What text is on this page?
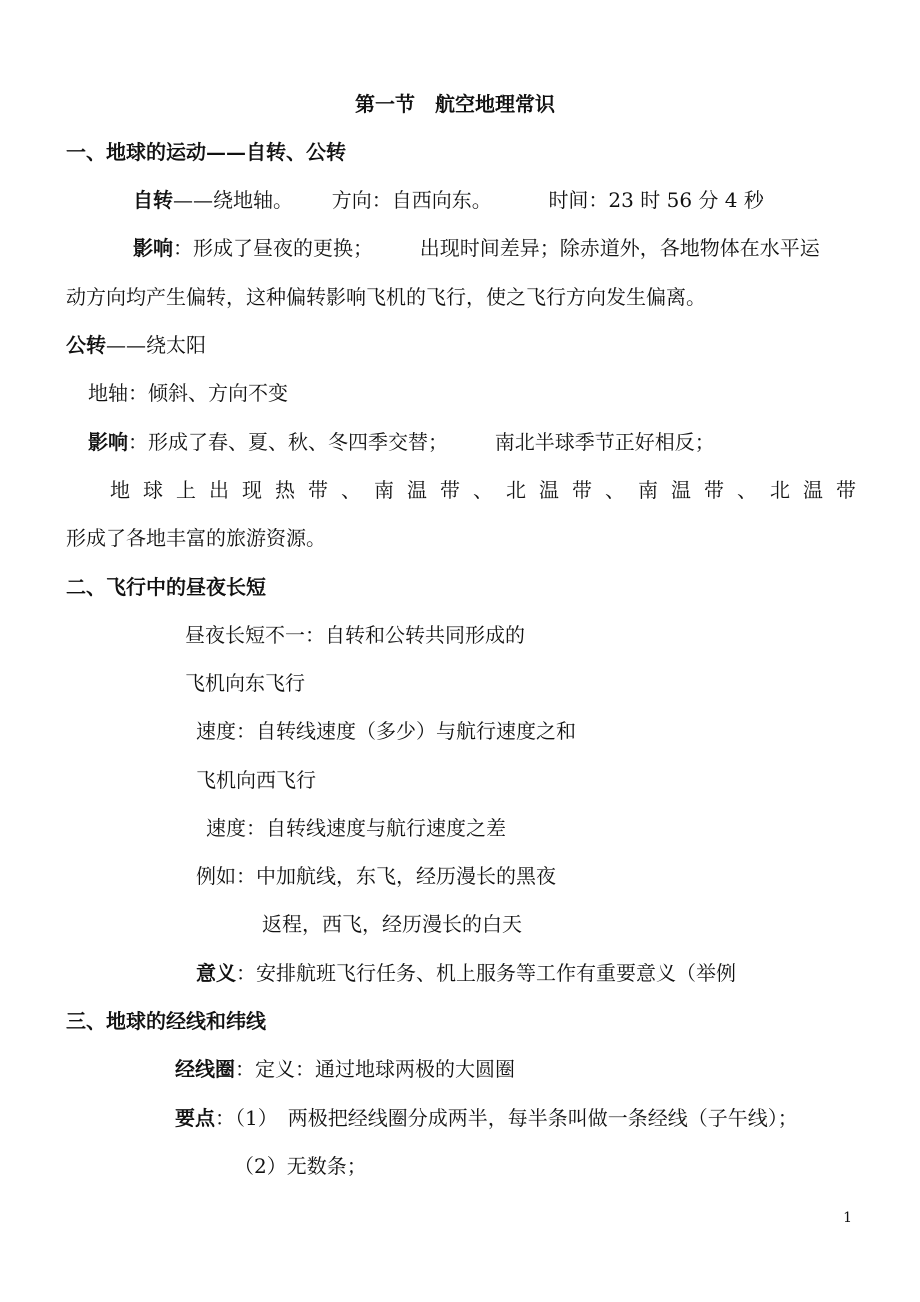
第一节　航空地理常识
一、地球的运动——自转、公转
自转——绕地轴。 方向：自西向东。	时间：23 时 56 分 4 秒
影响：形成了昼夜的更换； 出现时间差异；除赤道外，各地物体在水平运
动方向均产生偏转，这种偏转影响飞机的飞行，使之飞行方向发生偏离。
公转——绕太阳
地轴：倾斜、方向不变
影响：形成了春、夏、秋、冬四季交替； 南北半球季节正好相反；
地 球 上 出 现 热 带 、 南 温 带 、 北 温 带 、 南 温 带 、 北 温 带
形成了各地丰富的旅游资源。
二、飞行中的昼夜长短
昼夜长短不一：自转和公转共同形成的
飞机向东飞行
速度：自转线速度（多少）与航行速度之和
飞机向西飞行
速度：自转线速度与航行速度之差
例如：中加航线，东飞，经历漫长的黑夜
返程，西飞，经历漫长的白天
意义：安排航班飞行任务、机上服务等工作有重要意义（举例
三、地球的经线和纬线
经线圈：定义：通过地球两极的大圆圈
要点：（1）　两极把经线圈分成两半，每半条叫做一条经线（子午线）；
（2）无数条；
1
